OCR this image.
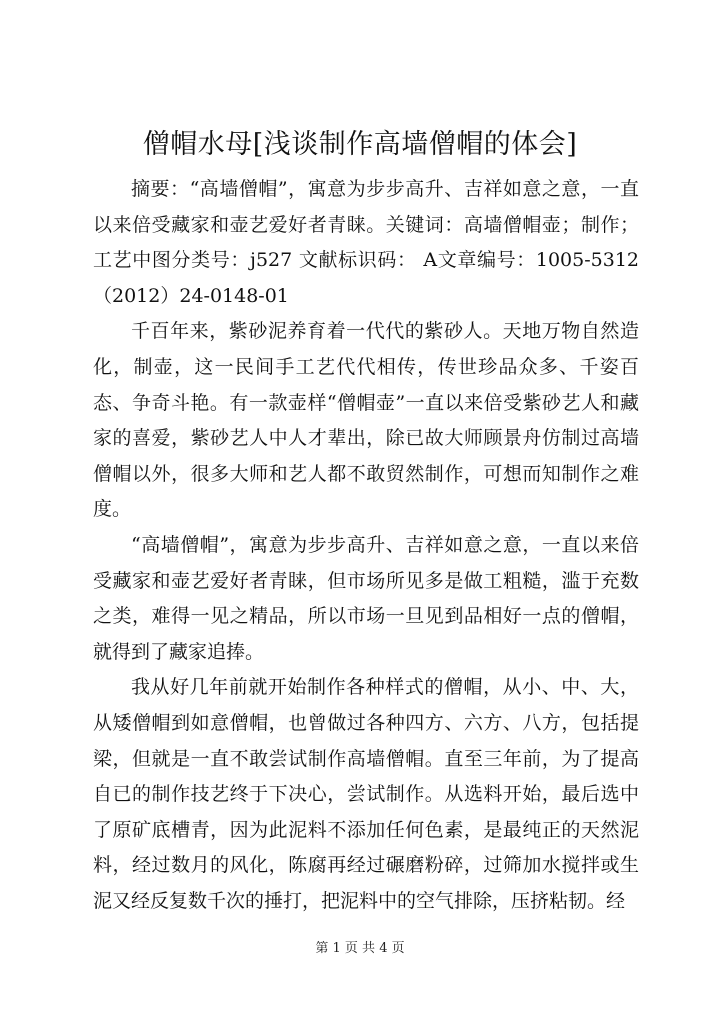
僧帽水母[浅谈制作高墙僧帽的体会]

摘要：“高墙僧帽”，寓意为步步高升、吉祥如意之意，一直以来倍受藏家和壶艺爱好者青睐。关键词：高墙僧帽壶；制作；工艺中图分类号：j527 文献标识码： A文章编号：1005-5312（2012）24-0148-01

千百年来，紫砂泥养育着一代代的紫砂人。天地万物自然造化，制壶，这一民间手工艺代代相传，传世珍品众多、千姿百态、争奇斗艳。有一款壶样“僧帽壶”一直以来倍受紫砂艺人和藏家的喜爱，紫砂艺人中人才辈出，除已故大师顾景舟仿制过高墙僧帽以外，很多大师和艺人都不敢贸然制作，可想而知制作之难度。

“高墙僧帽”，寓意为步步高升、吉祥如意之意，一直以来倍受藏家和壶艺爱好者青睐，但市场所见多是做工粗糙，滥于充数之类，难得一见之精品，所以市场一旦见到品相好一点的僧帽，就得到了藏家追捧。

我从好几年前就开始制作各种样式的僧帽，从小、中、大，从矮僧帽到如意僧帽，也曾做过各种四方、六方、八方，包括提梁，但就是一直不敢尝试制作高墙僧帽。直至三年前，为了提高自已的制作技艺终于下决心，尝试制作。从选料开始，最后选中了原矿底槽青，因为此泥料不添加任何色素，是最纯正的天然泥料，经过数月的风化，陈腐再经过碾磨粉碎，过筛加水搅拌或生泥又经反复数千次的捶打，把泥料中的空气排除，压挤粘韧。经

第 1 页 共 4 页
